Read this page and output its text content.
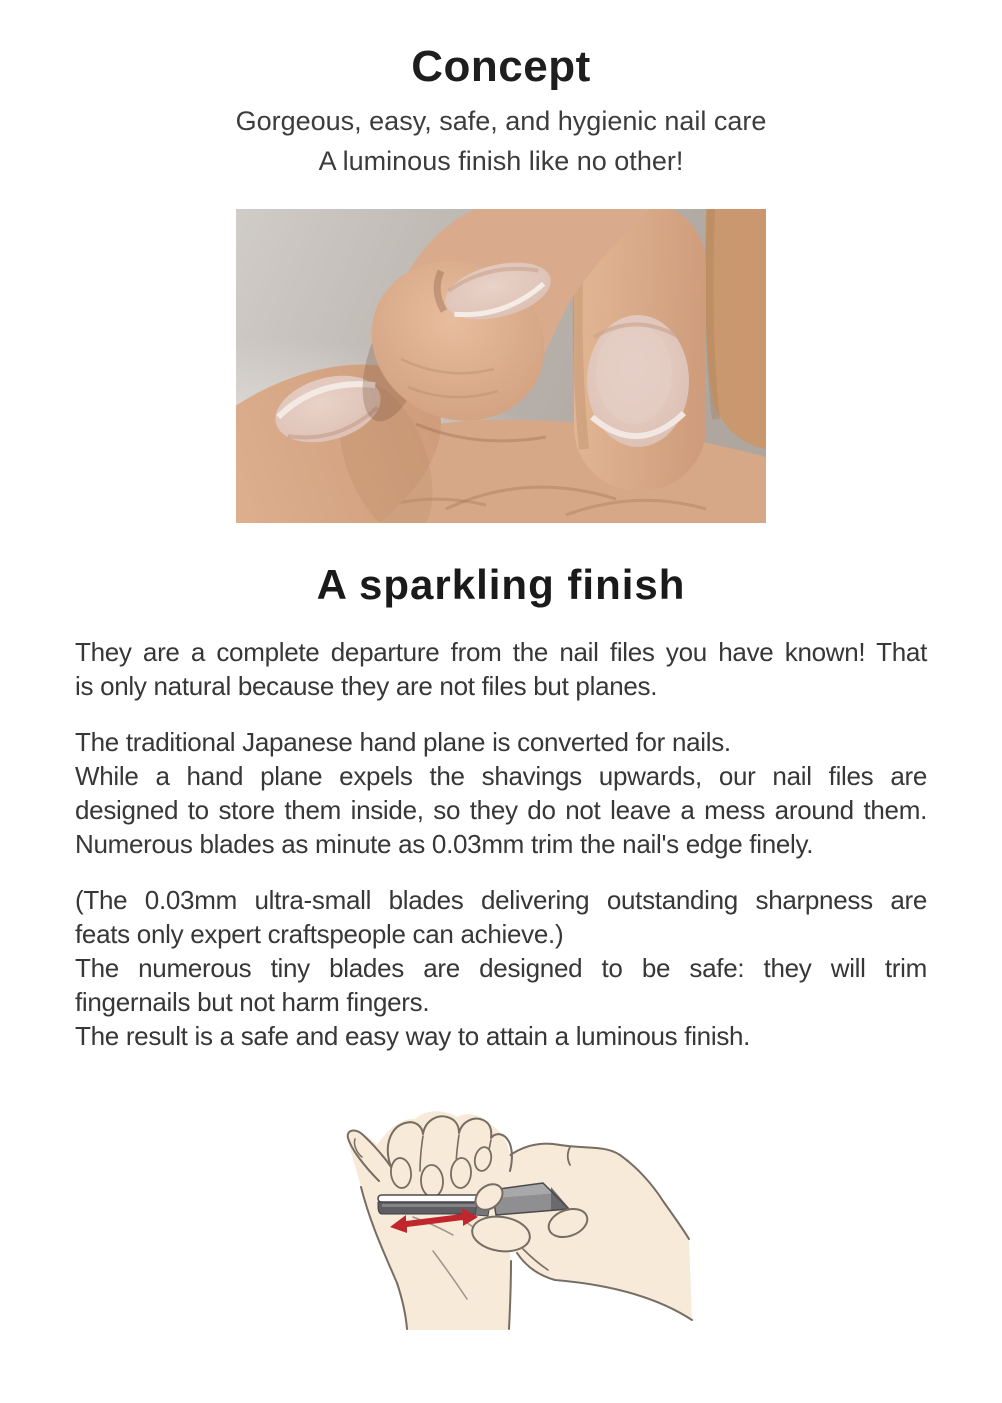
Concept
Gorgeous, easy, safe, and hygienic nail care
A luminous finish like no other!
A sparkling finish
They are a complete departure from the nail files you have known! That
is only natural because they are not files but planes.
The traditional Japanese hand plane is converted for nails.
While a hand plane expels the shavings upwards, our nail files are
designed to store them inside, so they do not leave a mess around them.
Numerous blades as minute as 0.03mm trim the nail's edge finely.
(The 0.03mm ultra-small blades delivering outstanding sharpness are
feats only expert craftspeople can achieve.)
The numerous tiny blades are designed to be safe: they will trim
fingernails but not harm fingers.
The result is a safe and easy way to attain a luminous finish.
